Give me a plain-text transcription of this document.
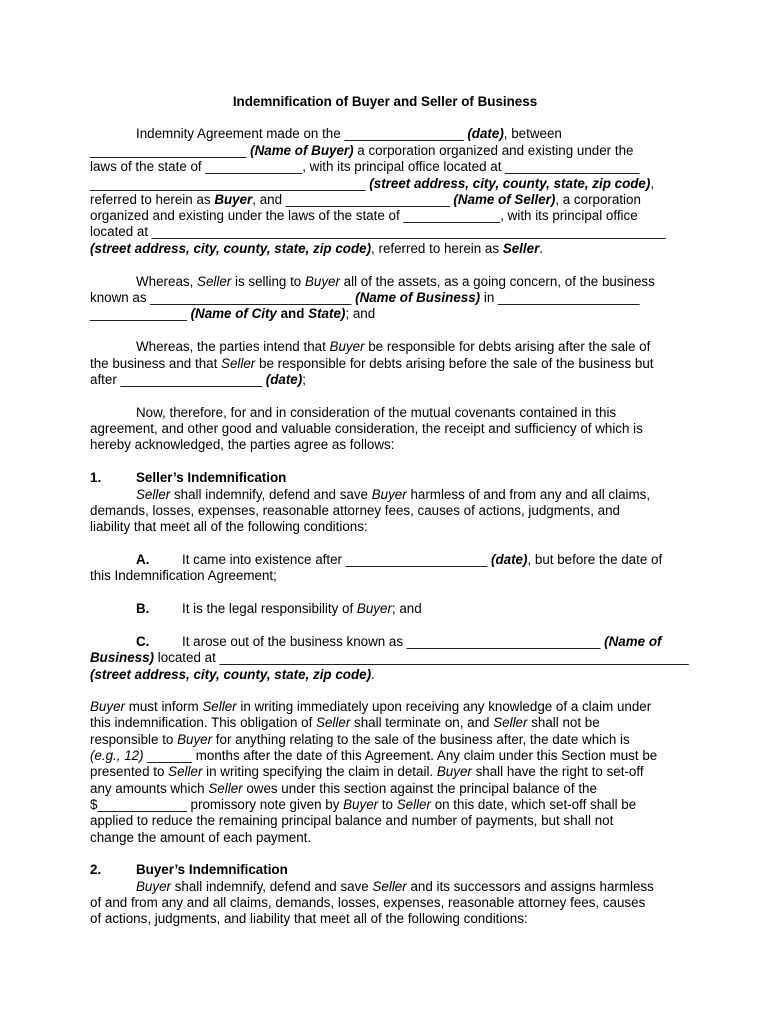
Indemnification of Buyer and Seller of Business
Indemnity Agreement made on the ________________ (date), between
_____________________ (Name of Buyer) a corporation organized and existing under the
laws of the state of _____________, with its principal office located at __________________
_____________________________________ (street address, city, county, state, zip code),
referred to herein as Buyer, and ______________________ (Name of Seller), a corporation
organized and existing under the laws of the state of _____________, with its principal office
located at _____________________________________________________________________
(street address, city, county, state, zip code), referred to herein as Seller.
Whereas, Seller is selling to Buyer all of the assets, as a going concern, of the business
known as ___________________________ (Name of Business) in ___________________
_____________ (Name of City and State); and
Whereas, the parties intend that Buyer be responsible for debts arising after the sale of
the business and that Seller be responsible for debts arising before the sale of the business but
after ___________________ (date);
Now, therefore, for and in consideration of the mutual covenants contained in this
agreement, and other good and valuable consideration, the receipt and sufficiency of which is
hereby acknowledged, the parties agree as follows:
1.	Seller’s Indemnification
Seller shall indemnify, defend and save Buyer harmless of and from any and all claims,
demands, losses, expenses, reasonable attorney fees, causes of actions, judgments, and
liability that meet all of the following conditions:
A. It came into existence after ___________________ (date), but before the date of
this Indemnification Agreement;
B. It is the legal responsibility of Buyer; and
C. It arose out of the business known as __________________________ (Name of
Business) located at _______________________________________________________________
(street address, city, county, state, zip code).
Buyer must inform Seller in writing immediately upon receiving any knowledge of a claim under
this indemnification. This obligation of Seller shall terminate on, and Seller shall not be
responsible to Buyer for anything relating to the sale of the business after, the date which is
(e.g., 12) ______ months after the date of this Agreement. Any claim under this Section must be
presented to Seller in writing specifying the claim in detail. Buyer shall have the right to set-off
any amounts which Seller owes under this section against the principal balance of the
$____________ promissory note given by Buyer to Seller on this date, which set-off shall be
applied to reduce the remaining principal balance and number of payments, but shall not
change the amount of each payment.
2.	Buyer’s Indemnification
Buyer shall indemnify, defend and save Seller and its successors and assigns harmless
of and from any and all claims, demands, losses, expenses, reasonable attorney fees, causes
of actions, judgments, and liability that meet all of the following conditions:
